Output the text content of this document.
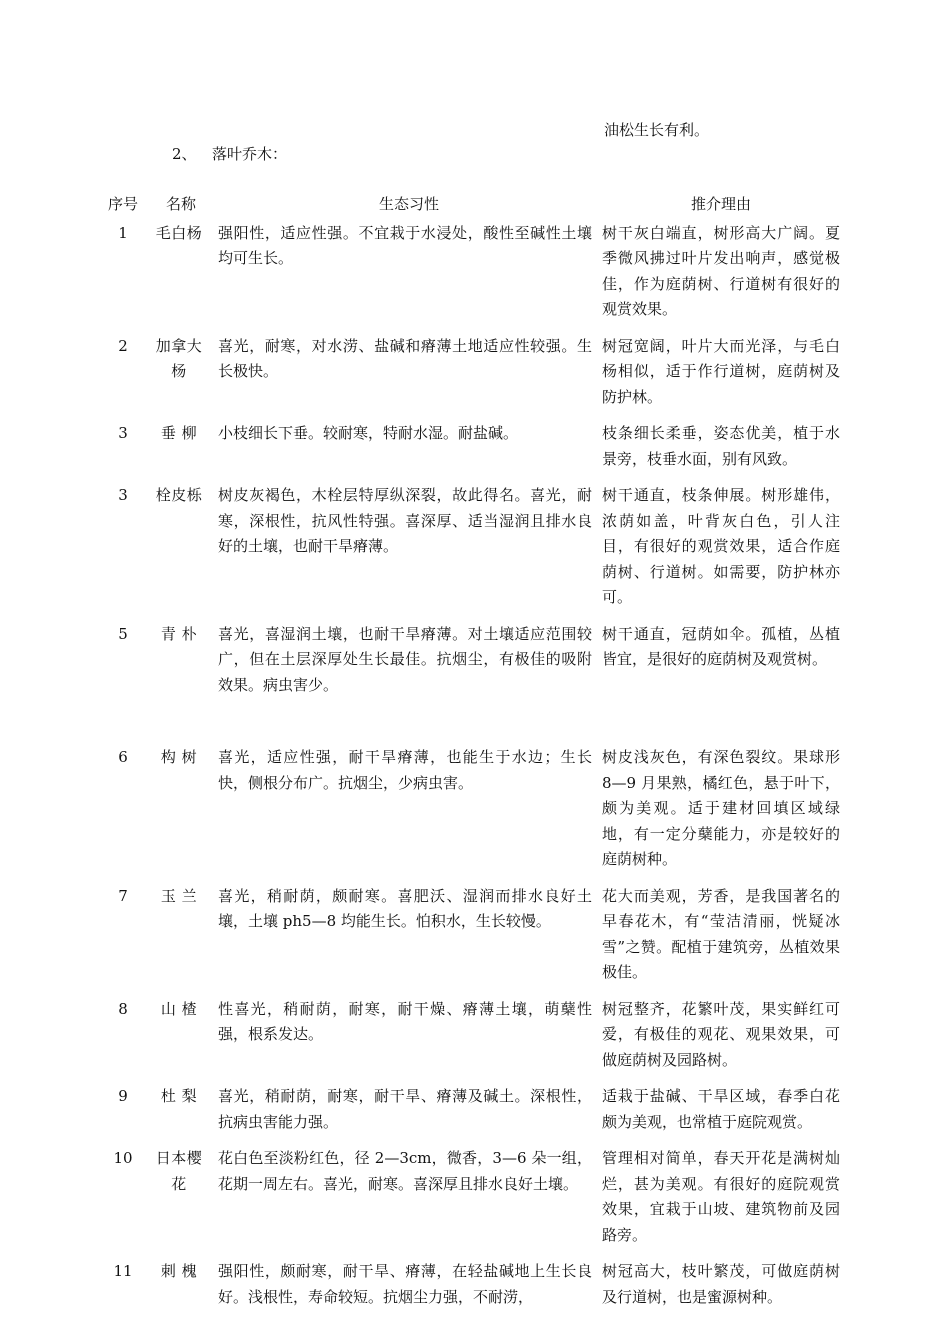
油松生长有利。
2、 落叶乔木：
序号	名称	生态习性	推介理由
1	毛白杨	强阳性，适应性强。不宜栽于水浸处，酸性至碱性土壤均可生长。	树干灰白端直，树形高大广阔。夏季微风拂过叶片发出响声，感觉极佳，作为庭荫树、行道树有很好的观赏效果。
2	加拿大杨	喜光，耐寒，对水涝、盐碱和瘠薄土地适应性较强。生长极快。	树冠宽阔，叶片大而光泽，与毛白杨相似，适于作行道树，庭荫树及防护林。
3	垂 柳	小枝细长下垂。较耐寒，特耐水湿。耐盐碱。	枝条细长柔垂，姿态优美，植于水景旁，枝垂水面，别有风致。
3	栓皮栎	树皮灰褐色，木栓层特厚纵深裂，故此得名。喜光，耐寒，深根性，抗风性特强。喜深厚、适当湿润且排水良好的土壤，也耐干旱瘠薄。	树干通直，枝条伸展。树形雄伟，浓荫如盖，叶背灰白色，引人注目，有很好的观赏效果，适合作庭荫树、行道树。如需要，防护林亦可。
5	青 朴	喜光，喜湿润土壤，也耐干旱瘠薄。对土壤适应范围较广，但在土层深厚处生长最佳。抗烟尘，有极佳的吸附效果。病虫害少。	树干通直，冠荫如伞。孤植，丛植皆宜，是很好的庭荫树及观赏树。
6	构 树	喜光，适应性强，耐干旱瘠薄，也能生于水边；生长快，侧根分布广。抗烟尘，少病虫害。	树皮浅灰色，有深色裂纹。果球形 8—9 月果熟，橘红色，悬于叶下，颇为美观。适于建材回填区域绿地，有一定分蘖能力，亦是较好的庭荫树种。
7	玉 兰	喜光，稍耐荫，颇耐寒。喜肥沃、湿润而排水良好土壤，土壤 ph5—8 均能生长。怕积水，生长较慢。	花大而美观，芳香，是我国著名的早春花木，有“莹洁清丽，恍疑冰雪”之赞。配植于建筑旁，丛植效果极佳。
8	山 楂	性喜光，稍耐荫，耐寒，耐干燥、瘠薄土壤，萌蘖性强，根系发达。	树冠整齐，花繁叶茂，果实鲜红可爱，有极佳的观花、观果效果，可做庭荫树及园路树。
9	杜 梨	喜光，稍耐荫，耐寒，耐干旱、瘠薄及碱土。深根性，抗病虫害能力强。	适栽于盐碱、干旱区域，春季白花颇为美观，也常植于庭院观赏。
10	日本樱花	花白色至淡粉红色，径 2—3cm，微香，3—6 朵一组，花期一周左右。喜光，耐寒。喜深厚且排水良好土壤。	管理相对简单，春天开花是满树灿烂，甚为美观。有很好的庭院观赏效果，宜栽于山坡、建筑物前及园路旁。
11	刺 槐	强阳性，颇耐寒，耐干旱、瘠薄，在轻盐碱地上生长良好。浅根性，寿命较短。抗烟尘力强，不耐涝，	树冠高大，枝叶繁茂，可做庭荫树及行道树，也是蜜源树种。
